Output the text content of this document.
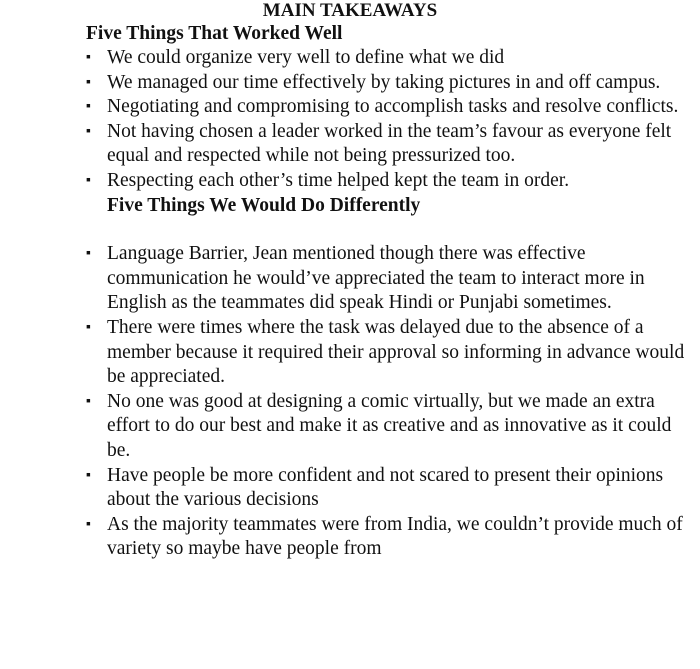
MAIN TAKEAWAYS
Five Things That Worked Well
▪ We could organize very well to define what we did
▪ We managed our time effectively by taking pictures in and off campus.
▪ Negotiating and compromising to accomplish tasks and resolve conflicts.
▪ Not having chosen a leader worked in the team’s favour as everyone felt equal and respected while not being pressurized too.
▪ Respecting each other’s time helped kept the team in order.
Five Things We Would Do Differently
▪ Language Barrier, Jean mentioned though there was effective communication he would’ve appreciated the team to interact more in English as the teammates did speak Hindi or Punjabi sometimes.
▪ There were times where the task was delayed due to the absence of a member because it required their approval so informing in advance would be appreciated.
▪ No one was good at designing a comic virtually, but we made an extra effort to do our best and make it as creative and as innovative as it could be.
▪ Have people be more confident and not scared to present their opinions about the various decisions
▪ As the majority teammates were from India, we couldn’t provide much of variety so maybe have people from
